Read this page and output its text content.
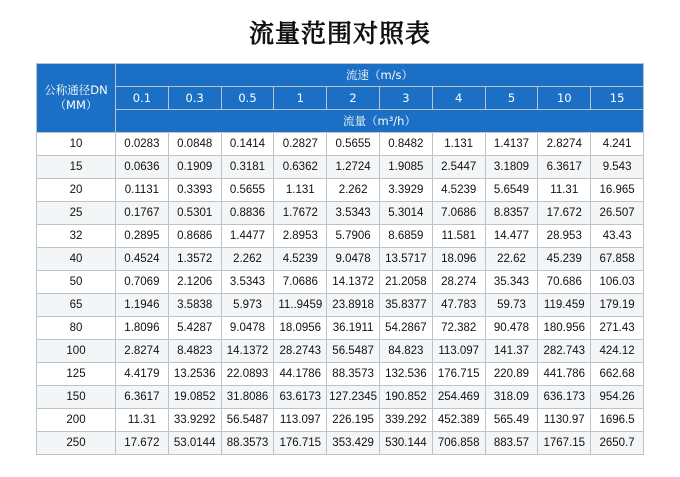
流量范围对照表
公称通径DN
（MM）	流速（m/s）									
	0.1	0.3	0.5	1	2	3	4	5	10	15
	流量（m³/h）									
10	0.0283	0.0848	0.1414	0.2827	0.5655	0.8482	1.131	1.4137	2.8274	4.241
15	0.0636	0.1909	0.3181	0.6362	1.2724	1.9085	2.5447	3.1809	6.3617	9.543
20	0.1131	0.3393	0.5655	1.131	2.262	3.3929	4.5239	5.6549	11.31	16.965
25	0.1767	0.5301	0.8836	1.7672	3.5343	5.3014	7.0686	8.8357	17.672	26.507
32	0.2895	0.8686	1.4477	2.8953	5.7906	8.6859	11.581	14.477	28.953	43.43
40	0.4524	1.3572	2.262	4.5239	9.0478	13.5717	18.096	22.62	45.239	67.858
50	0.7069	2.1206	3.5343	7.0686	14.1372	21.2058	28.274	35.343	70.686	106.03
65	1.1946	3.5838	5.973	11..9459	23.8918	35.8377	47.783	59.73	119.459	179.19
80	1.8096	5.4287	9.0478	18.0956	36.1911	54.2867	72.382	90.478	180.956	271.43
100	2.8274	8.4823	14.1372	28.2743	56.5487	84.823	113.097	141.37	282.743	424.12
125	4.4179	13.2536	22.0893	44.1786	88.3573	132.536	176.715	220.89	441.786	662.68
150	6.3617	19.0852	31.8086	63.6173	127.2345	190.852	254.469	318.09	636.173	954.26
200	11.31	33.9292	56.5487	113.097	226.195	339.292	452.389	565.49	1130.97	1696.5
250	17.672	53.0144	88.3573	176.715	353.429	530.144	706.858	883.57	1767.15	2650.7
